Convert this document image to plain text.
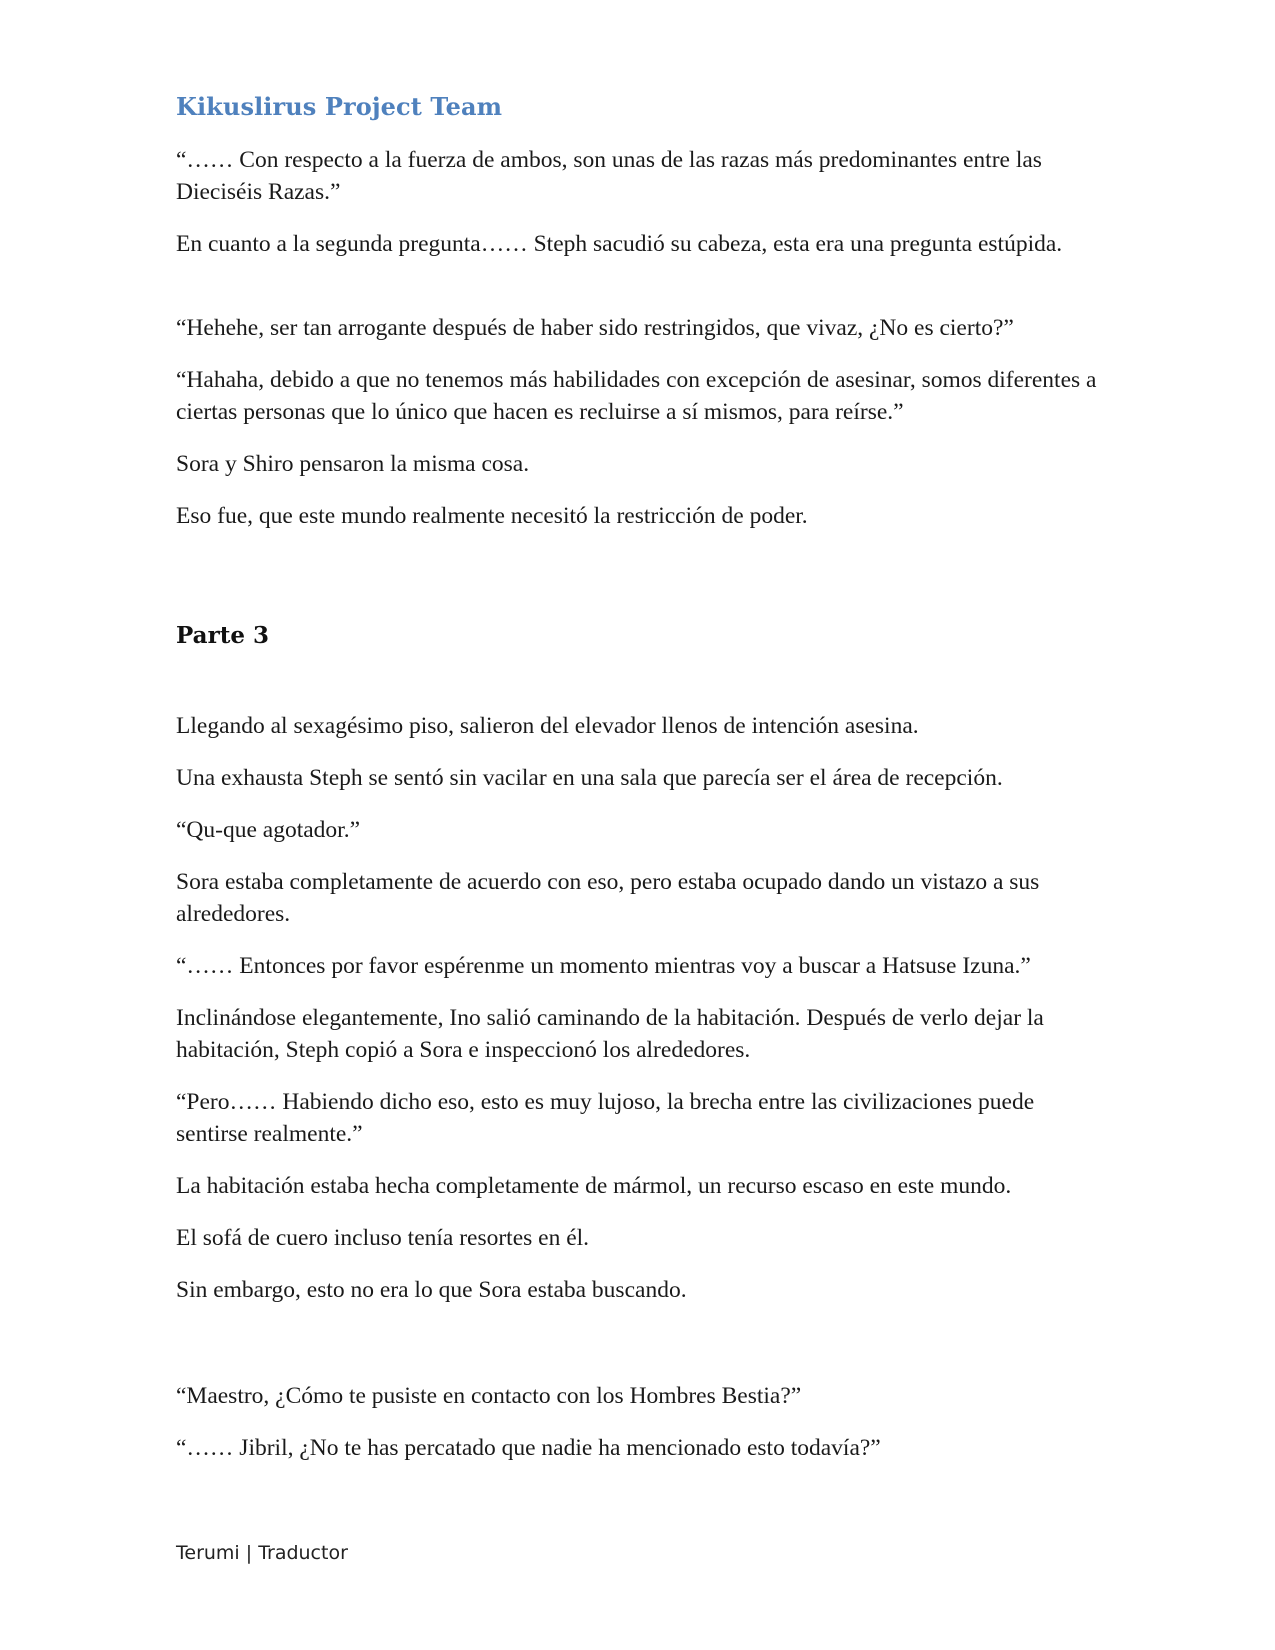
Kikuslirus Project Team

“…… Con respecto a la fuerza de ambos, son unas de las razas más predominantes entre las Dieciséis Razas.”

En cuanto a la segunda pregunta…… Steph sacudió su cabeza, esta era una pregunta estúpida.

“Hehehe, ser tan arrogante después de haber sido restringidos, que vivaz, ¿No es cierto?”

“Hahaha, debido a que no tenemos más habilidades con excepción de asesinar, somos diferentes a ciertas personas que lo único que hacen es recluirse a sí mismos, para reírse.”

Sora y Shiro pensaron la misma cosa.

Eso fue, que este mundo realmente necesitó la restricción de poder.

Parte 3

Llegando al sexagésimo piso, salieron del elevador llenos de intención asesina.

Una exhausta Steph se sentó sin vacilar en una sala que parecía ser el área de recepción.

“Qu-que agotador.”

Sora estaba completamente de acuerdo con eso, pero estaba ocupado dando un vistazo a sus alrededores.

“…… Entonces por favor espérenme un momento mientras voy a buscar a Hatsuse Izuna.”

Inclinándose elegantemente, Ino salió caminando de la habitación. Después de verlo dejar la habitación, Steph copió a Sora e inspeccionó los alrededores.

“Pero…… Habiendo dicho eso, esto es muy lujoso, la brecha entre las civilizaciones puede sentirse realmente.”

La habitación estaba hecha completamente de mármol, un recurso escaso en este mundo.

El sofá de cuero incluso tenía resortes en él.

Sin embargo, esto no era lo que Sora estaba buscando.

“Maestro, ¿Cómo te pusiste en contacto con los Hombres Bestia?”

“…… Jibril, ¿No te has percatado que nadie ha mencionado esto todavía?”

Terumi | Traductor
